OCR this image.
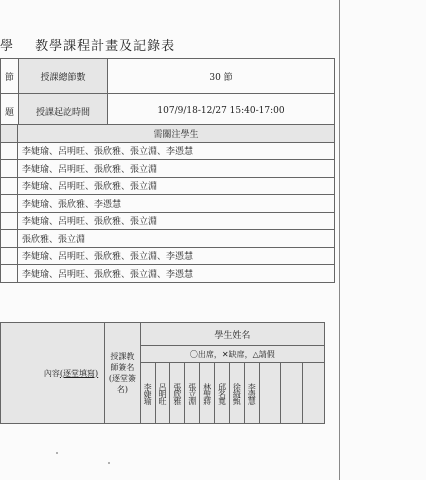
學 教學課程計畫及記錄表
節	授課總節數	30 節
題	授課起訖時間	107/9/18-12/27 15:40-17:00
	需關注學生
	李婕瑜、呂明旺、張欣雅、張立淵、李憑慧
	李婕瑜、呂明旺、張欣雅、張立淵
	李婕瑜、呂明旺、張欣雅、張立淵
	李婕瑜、張欣雅、李憑慧
	李婕瑜、呂明旺、張欣雅、張立淵
	張欣雅、張立淵
	李婕瑜、呂明旺、張欣雅、張立淵、李憑慧
	李婕瑜、呂明旺、張欣雅、張立淵、李憑慧
內容(逐堂填寫)	授課教師簽名(逐堂簽名)	學生姓名										
		〇出席，✕缺席，△請假										
		李婕瑜	呂明旺	張欣雅	張立淵	林聖蔣	邱名寬	徐綺甄	李憑慧			
